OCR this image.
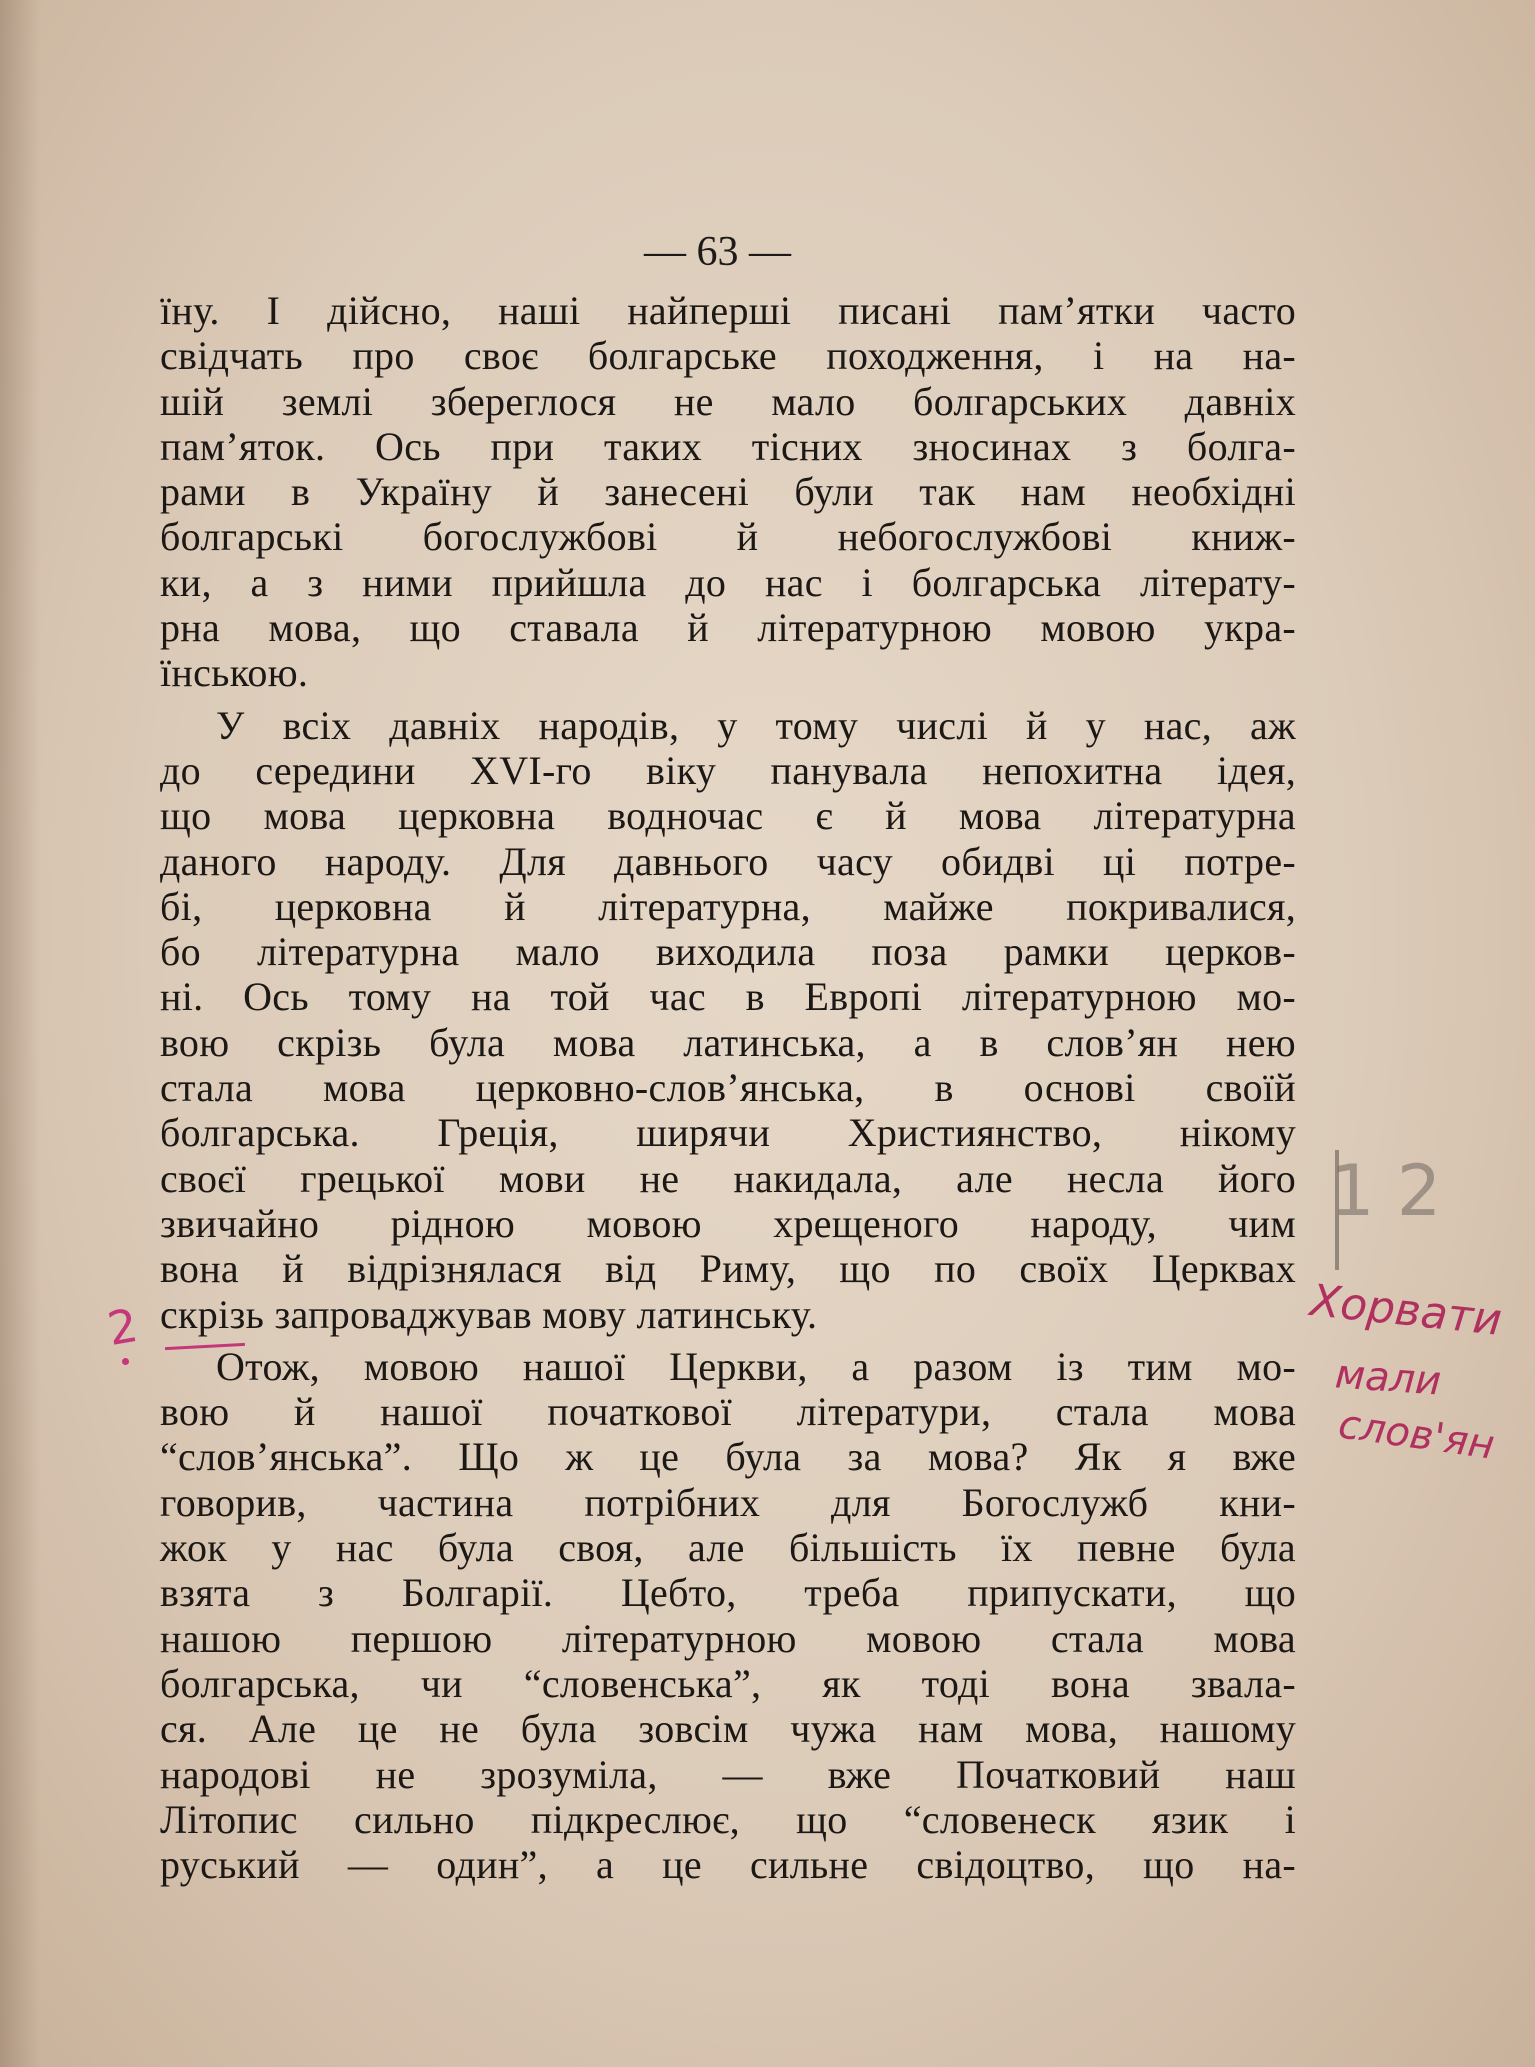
— 63 —
їну. І дійсно, наші найперші писані пам’ятки часто
свідчать про своє болгарське походження, і на на-
шій землі збереглося не мало болгарських давніх
пам’яток. Ось при таких тісних зносинах з болга-
рами в Україну й занесені були так нам необхідні
болгарські богослужбові й небогослужбові книж-
ки, а з ними прийшла до нас і болгарська літерату-
рна мова, що ставала й літературною мовою укра-
їнською.
У всіх давніх народів, у тому числі й у нас, аж
до середини XVI-го віку панувала непохитна ідея,
що мова церковна водночас є й мова літературна
даного народу. Для давнього часу обидві ці потре-
бі, церковна й літературна, майже покривалися,
бо літературна мало виходила поза рамки церков-
ні. Ось тому на той час в Европі літературною мо-
вою скрізь була мова латинська, а в слов’ян нею
стала мова церковно-слов’янська, в основі своїй
болгарська. Греція, ширячи Християнство, нікому
своєї грецької мови не накидала, але несла його
звичайно рідною мовою хрещеного народу, чим
вона й відрізнялася від Риму, що по своїх Церквах
скрізь запроваджував мову латинську.
Отож, мовою нашої Церкви, а разом із тим мо-
вою й нашої початкової літератури, стала мова
“слов’янська”. Що ж це була за мова? Як я вже
говорив, частина потрібних для Богослужб кни-
жок у нас була своя, але більшість їх певне була
взята з Болгарії. Цебто, треба припускати, що
нашою першою літературною мовою стала мова
болгарська, чи “словенська”, як тоді вона звала-
ся. Але це не була зовсім чужа нам мова, нашому
народові не зрозуміла, — вже Початковий наш
Літопис сильно підкреслює, що “словенеск язик і
руський — один”, а це сильне свідоцтво, що на-
1 2
2	Хорвати
мали
слов'ян
